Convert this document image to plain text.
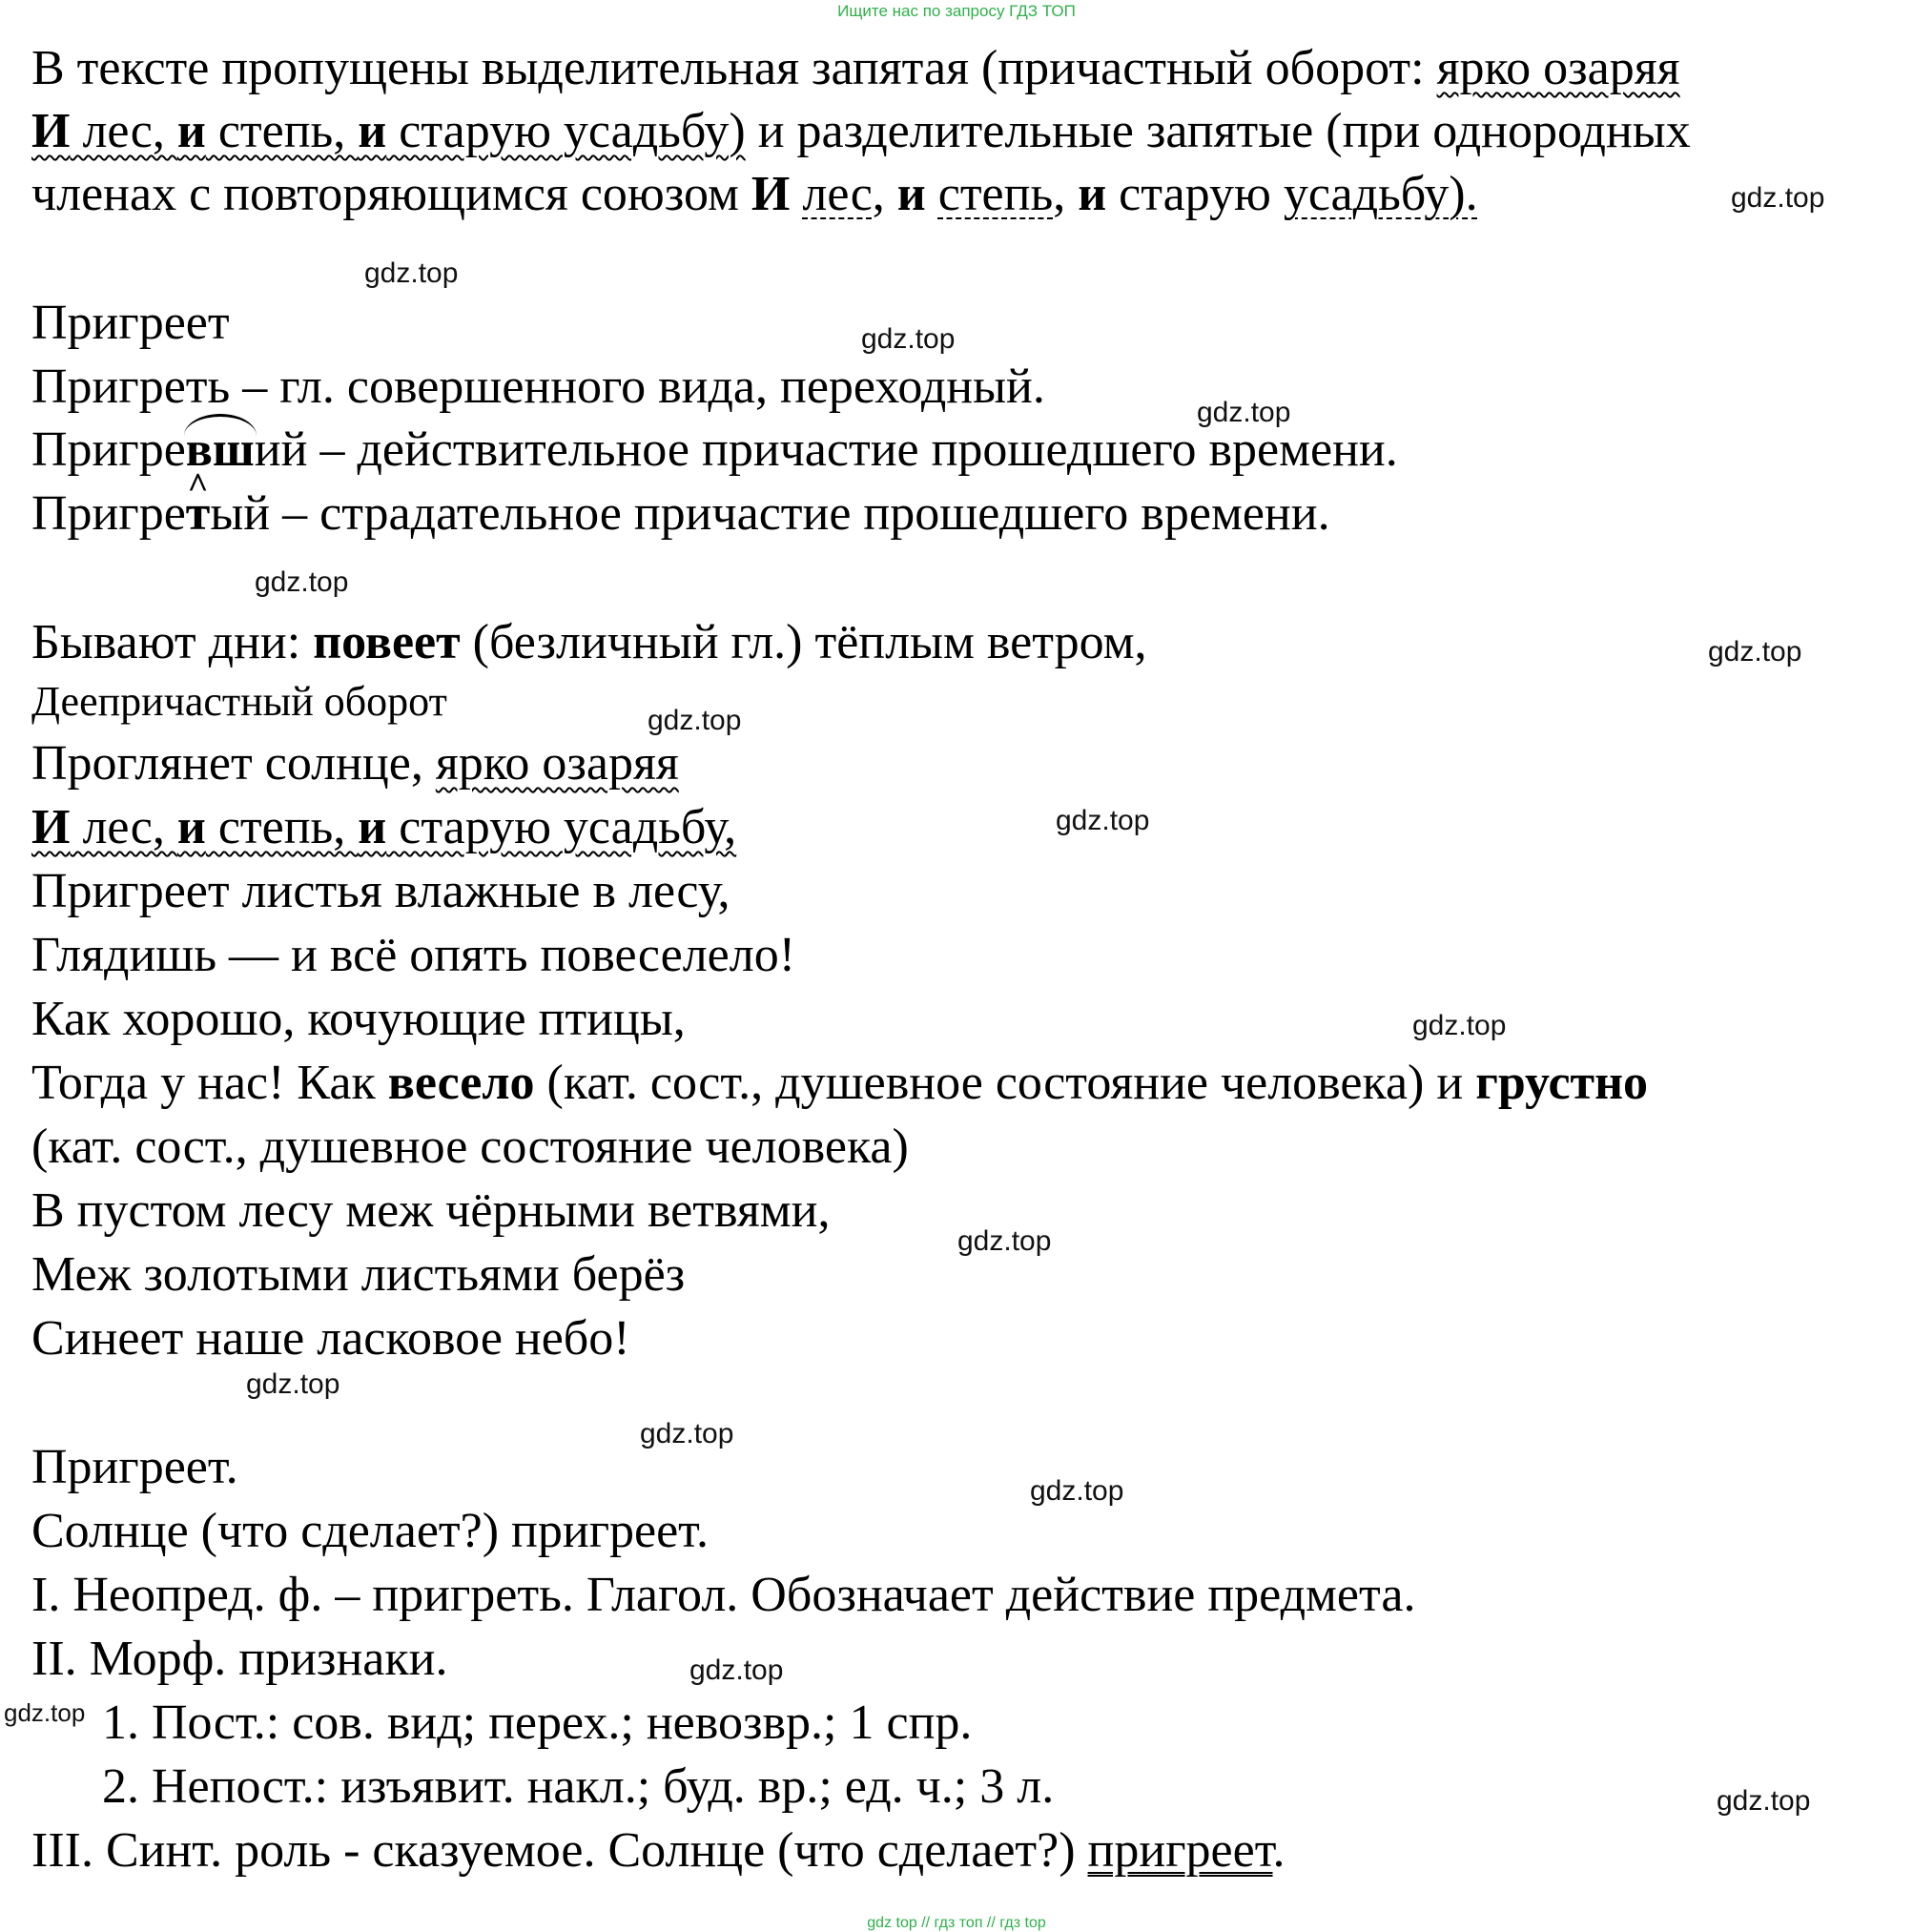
Ищите нас по запросу ГДЗ ТОП

В тексте пропущены выделительная запятая (причастный оборот: ярко озаряя

И лес, и степь, и старую усадьбу) и разделительные запятые (при однородных

членах с повторяющимся союзом И лес, и степь, и старую усадьбу).

Пригреет

Пригреть – гл. совершенного вида, переходный.

Пригревший – действительное причастие прошедшего времени.

Пригре^ тый – страдательное причастие прошедшего времени.

Бывают дни: повеет (безличный гл.) тёплым ветром,

Деепричастный оборот

Проглянет солнце, ярко озаряя

И лес, и степь, и старую усадьбу,

Пригреет листья влажные в лесу,

Глядишь — и всё опять повеселело!

Как хорошо, кочующие птицы,

Тогда у нас! Как весело (кат. сост., душевное состояние человека) и грустно

(кат. сост., душевное состояние человека)

В пустом лесу меж чёрными ветвями,

Меж золотыми листьями берёз

Синеет наше ласковое небо!

Пригреет.

Солнце (что сделает?) пригреет.

I. Неопред. ф. – пригреть. Глагол. Обозначает действие предмета.

II. Морф. признаки.

1. Пост.: сов. вид; перех.; невозвр.; 1 спр.

2. Непост.: изъявит. накл.; буд. вр.; ед. ч.; 3 л.

III. Синт. роль - сказуемое. Солнце (что сделает?) пригреет.

gdz.top
gdz.top
gdz.top
gdz.top
gdz.top
gdz.top
gdz.top
gdz.top
gdz.top
gdz.top
gdz.top
gdz.top
gdz.top
gdz.top
gdz.top
gdz.top
gdz top // гдз топ // гдз top
